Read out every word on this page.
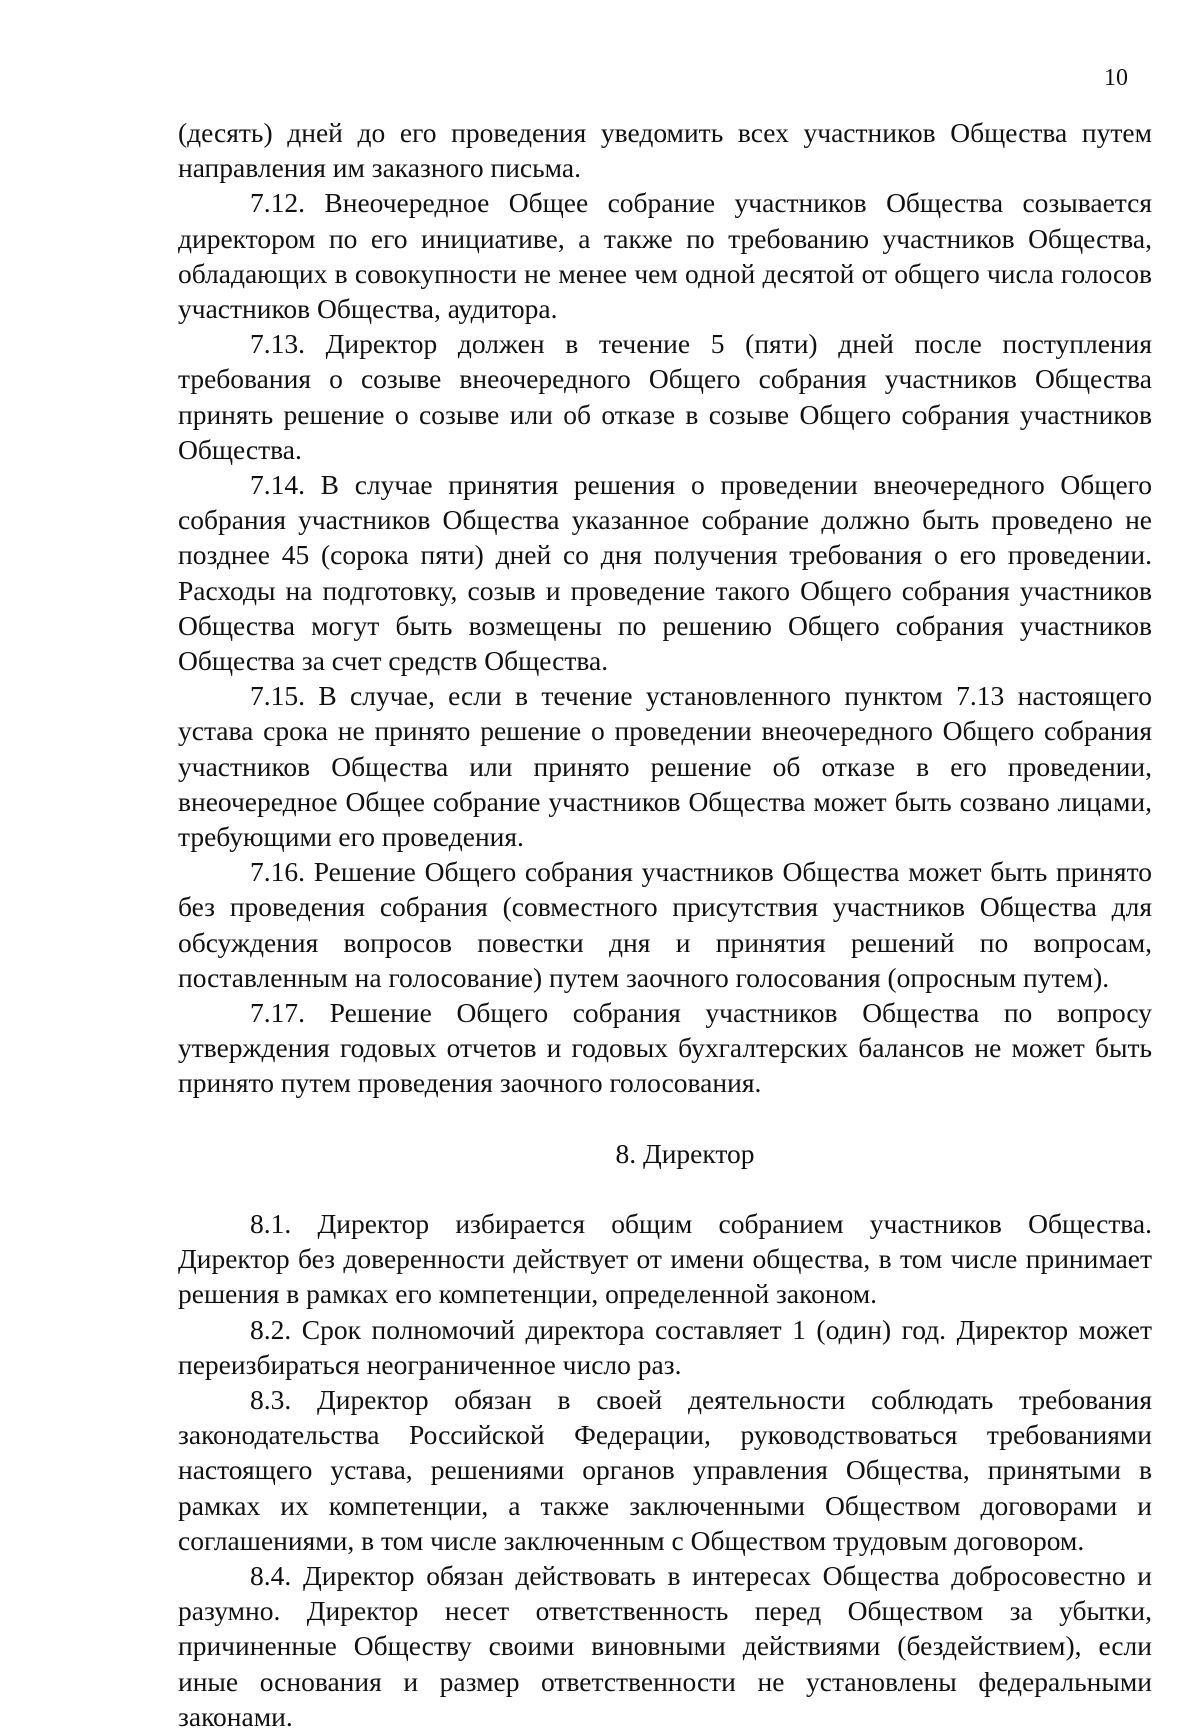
10

(десять) дней до его проведения уведомить всех участников Общества путем направления им заказного письма.

7.12. Внеочередное Общее собрание участников Общества созывается директором по его инициативе, а также по требованию участников Общества, обладающих в совокупности не менее чем одной десятой от общего числа голосов участников Общества, аудитора.

7.13. Директор должен в течение 5 (пяти) дней после поступления требования о созыве внеочередного Общего собрания участников Общества принять решение о созыве или об отказе в созыве Общего собрания участников Общества.

7.14. В случае принятия решения о проведении внеочередного Общего собрания участников Общества указанное собрание должно быть проведено не позднее 45 (сорока пяти) дней со дня получения требования о его проведении. Расходы на подготовку, созыв и проведение такого Общего собрания участников Общества могут быть возмещены по решению Общего собрания участников Общества за счет средств Общества.

7.15. В случае, если в течение установленного пунктом 7.13 настоящего устава срока не принято решение о проведении внеочередного Общего собрания участников Общества или принято решение об отказе в его проведении, внеочередное Общее собрание участников Общества может быть созвано лицами, требующими его проведения.

7.16. Решение Общего собрания участников Общества может быть принято без проведения собрания (совместного присутствия участников Общества для обсуждения вопросов повестки дня и принятия решений по вопросам, поставленным на голосование) путем заочного голосования (опросным путем).

7.17. Решение Общего собрания участников Общества по вопросу утверждения годовых отчетов и годовых бухгалтерских балансов не может быть принято путем проведения заочного голосования.

8. Директор

8.1. Директор избирается общим собранием участников Общества. Директор без доверенности действует от имени общества, в том числе принимает решения в рамках его компетенции, определенной законом.

8.2. Срок полномочий директора составляет 1 (один) год. Директор может переизбираться неограниченное число раз.

8.3. Директор обязан в своей деятельности соблюдать требования законодательства Российской Федерации, руководствоваться требованиями настоящего устава, решениями органов управления Общества, принятыми в рамках их компетенции, а также заключенными Обществом договорами и соглашениями, в том числе заключенным с Обществом трудовым договором.

8.4. Директор обязан действовать в интересах Общества добросовестно и разумно. Директор несет ответственность перед Обществом за убытки, причиненные Обществу своими виновными действиями (бездействием), если иные основания и размер ответственности не установлены федеральными законами.
